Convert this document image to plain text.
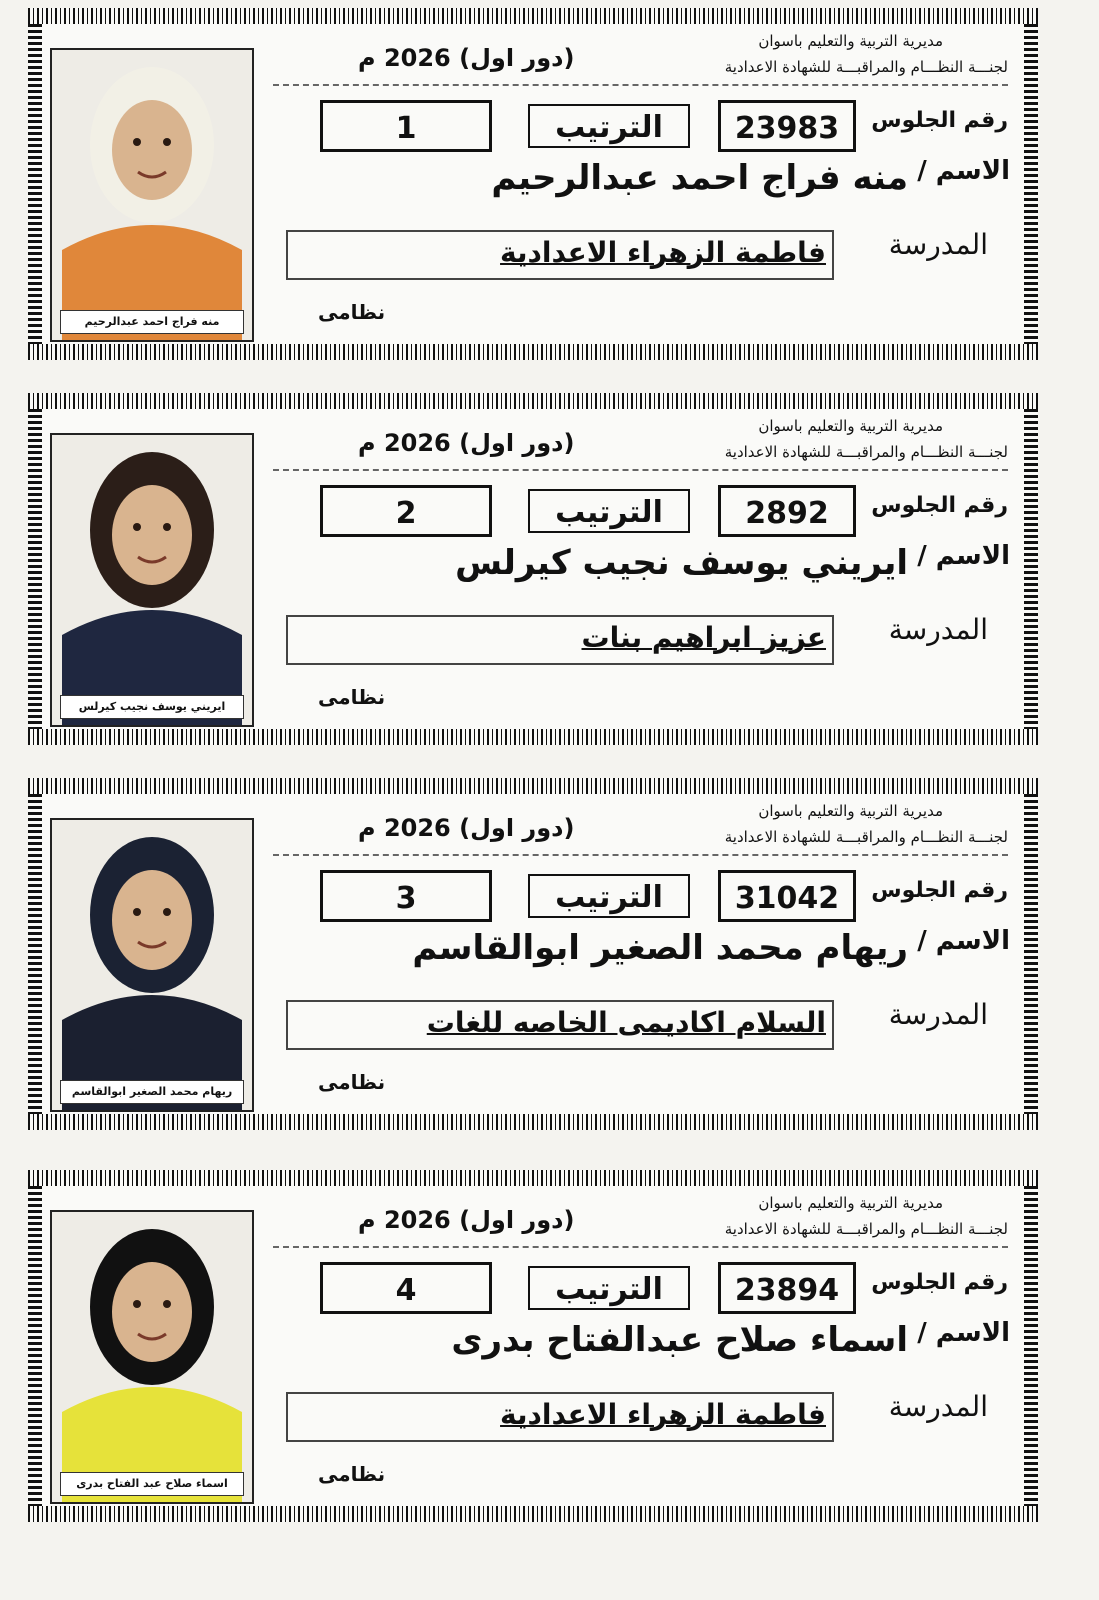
منه فراج احمد عبدالرحيم
مديرية التربية والتعليم باسوان
لجنـــة النظـــام والمراقبـــة للشهادة الاعدادية
(دور اول) 2026 م
رقم الجلوس
23983
الترتيب
1
الاسم /
منه فراج احمد عبدالرحيم
المدرسة
فاطمة الزهراء الاعدادية
نظامى
ايريني يوسف نجيب كيرلس
مديرية التربية والتعليم باسوان
لجنـــة النظـــام والمراقبـــة للشهادة الاعدادية
(دور اول) 2026 م
رقم الجلوس
2892
الترتيب
2
الاسم /
ايريني يوسف نجيب كيرلس
المدرسة
عزيز ابراهيم بنات
نظامى
ريهام محمد الصغير ابوالقاسم
مديرية التربية والتعليم باسوان
لجنـــة النظـــام والمراقبـــة للشهادة الاعدادية
(دور اول) 2026 م
رقم الجلوس
31042
الترتيب
3
الاسم /
ريهام محمد الصغير ابوالقاسم
المدرسة
السلام اكاديمى الخاصه للغات
نظامى
اسماء صلاح عبد الفتاح بدرى
مديرية التربية والتعليم باسوان
لجنـــة النظـــام والمراقبـــة للشهادة الاعدادية
(دور اول) 2026 م
رقم الجلوس
23894
الترتيب
4
الاسم /
اسماء صلاح عبدالفتاح بدرى
المدرسة
فاطمة الزهراء الاعدادية
نظامى
